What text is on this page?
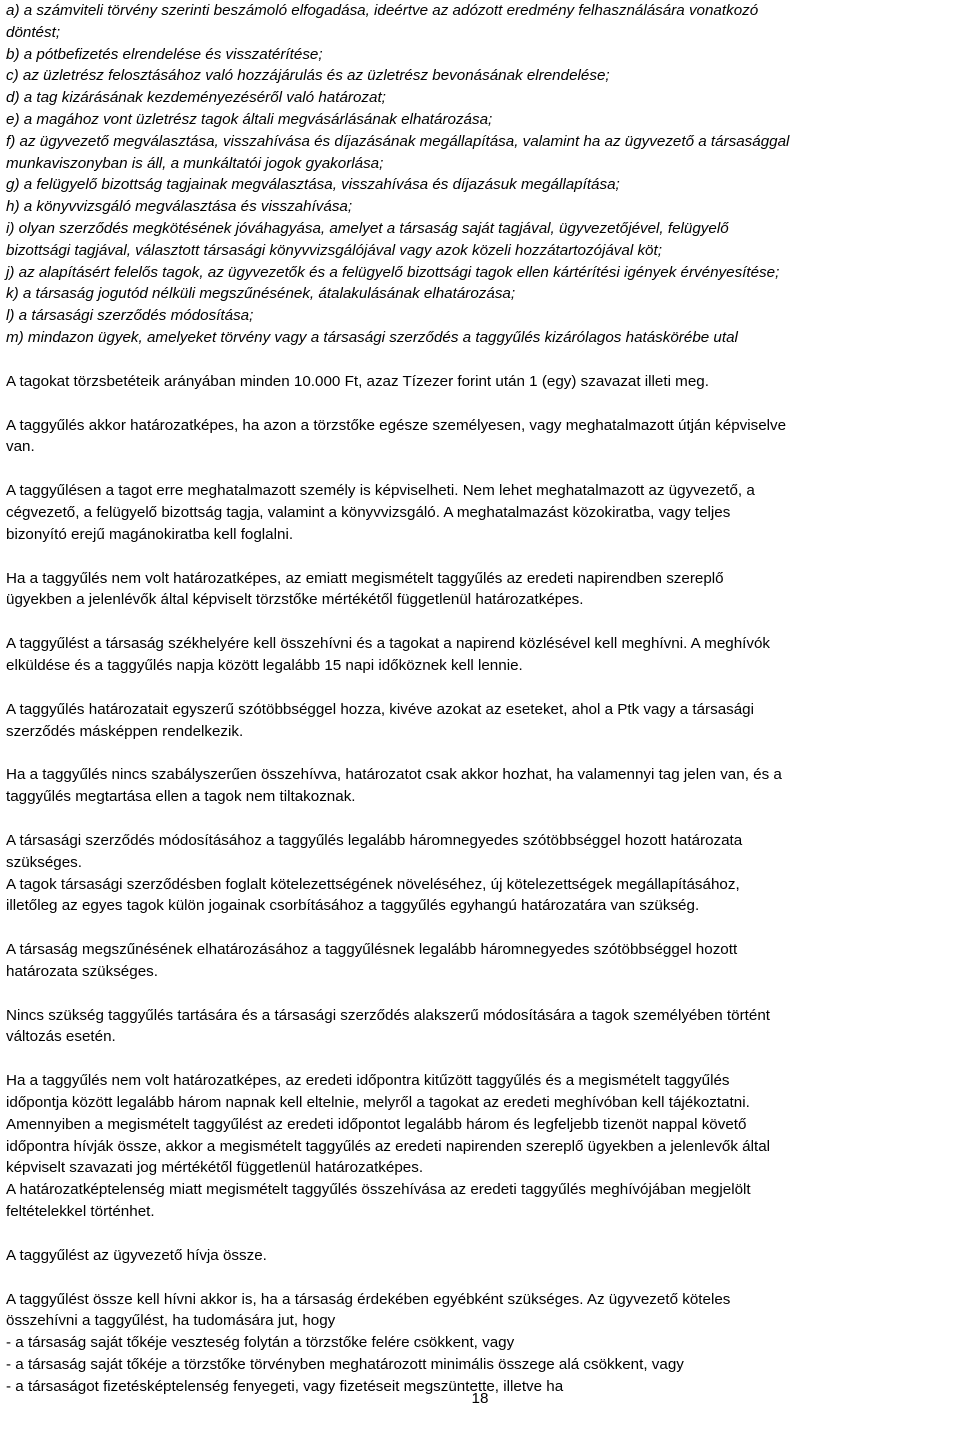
a) a számviteli törvény szerinti beszámoló elfogadása, ideértve az adózott eredmény felhasználására vonatkozó
döntést;
b) a pótbefizetés elrendelése és visszatérítése;
c) az üzletrész felosztásához való hozzájárulás és az üzletrész bevonásának elrendelése;
d) a tag kizárásának kezdeményezéséről való határozat;
e) a magához vont üzletrész tagok általi megvásárlásának elhatározása;
f) az ügyvezető megválasztása, visszahívása és díjazásának megállapítása, valamint ha az ügyvezető a társasággal
munkaviszonyban is áll, a munkáltatói jogok gyakorlása;
g) a felügyelő bizottság tagjainak megválasztása, visszahívása és díjazásuk megállapítása;
h) a könyvvizsgáló megválasztása és visszahívása;
i) olyan szerződés megkötésének jóváhagyása, amelyet a társaság saját tagjával, ügyvezetőjével, felügyelő
bizottsági tagjával, választott társasági könyvvizsgálójával vagy azok közeli hozzátartozójával köt;
j) az alapításért felelős tagok, az ügyvezetők és a felügyelő bizottsági tagok ellen kártérítési igények érvényesítése;
k) a társaság jogutód nélküli megszűnésének, átalakulásának elhatározása;
l) a társasági szerződés módosítása;
m) mindazon ügyek, amelyeket törvény vagy a társasági szerződés a taggyűlés kizárólagos hatáskörébe utal
A tagokat törzsbetéteik arányában minden 10.000 Ft, azaz Tízezer forint után 1 (egy) szavazat illeti meg.
A taggyűlés akkor határozatképes, ha azon a törzstőke egésze személyesen, vagy meghatalmazott útján képviselve
van.
A taggyűlésen a tagot erre meghatalmazott személy is képviselheti. Nem lehet meghatalmazott az ügyvezető, a
cégvezető, a felügyelő bizottság tagja, valamint a könyvvizsgáló. A meghatalmazást közokiratba, vagy teljes
bizonyító erejű magánokiratba kell foglalni.
Ha a taggyűlés nem volt határozatképes, az emiatt megismételt taggyűlés az eredeti napirendben szereplő
ügyekben a jelenlévők által képviselt törzstőke mértékétől függetlenül határozatképes.
A taggyűlést a társaság székhelyére kell összehívni és a tagokat a napirend közlésével kell meghívni. A meghívók
elküldése és a taggyűlés napja között legalább 15 napi időköznek kell lennie.
A taggyűlés határozatait egyszerű szótöbbséggel hozza, kivéve azokat az eseteket, ahol a Ptk vagy a társasági
szerződés másképpen rendelkezik.
Ha a taggyűlés nincs szabályszerűen összehívva, határozatot csak akkor hozhat, ha valamennyi tag jelen van, és a
taggyűlés megtartása ellen a tagok nem tiltakoznak.
A társasági szerződés módosításához a taggyűlés legalább háromnegyedes szótöbbséggel hozott határozata
szükséges.
A tagok társasági szerződésben foglalt kötelezettségének növeléséhez, új kötelezettségek megállapításához,
illetőleg az egyes tagok külön jogainak csorbításához a taggyűlés egyhangú határozatára van szükség.
A társaság megszűnésének elhatározásához a taggyűlésnek legalább háromnegyedes szótöbbséggel hozott
határozata szükséges.
Nincs szükség taggyűlés tartására és a társasági szerződés alakszerű módosítására a tagok személyében történt
változás esetén.
Ha a taggyűlés nem volt határozatképes, az eredeti időpontra kitűzött taggyűlés és a megismételt taggyűlés
időpontja között legalább három napnak kell eltelnie, melyről a tagokat az eredeti meghívóban kell tájékoztatni.
Amennyiben a megismételt taggyűlést az eredeti időpontot legalább három és legfeljebb tizenöt nappal követő
időpontra hívják össze, akkor a megismételt taggyűlés az eredeti napirenden szereplő ügyekben a jelenlevők által
képviselt szavazati jog mértékétől függetlenül határozatképes.
A határozatképtelenség miatt megismételt taggyűlés összehívása az eredeti taggyűlés meghívójában megjelölt
feltételekkel történhet.
A taggyűlést az ügyvezető hívja össze.
A taggyűlést össze kell hívni akkor is, ha a társaság érdekében egyébként szükséges. Az ügyvezető köteles
összehívni a taggyűlést, ha tudomására jut, hogy
- a társaság saját tőkéje veszteség folytán a törzstőke felére csökkent, vagy
- a társaság saját tőkéje a törzstőke törvényben meghatározott minimális összege alá csökkent, vagy
- a társaságot fizetésképtelenség fenyegeti, vagy fizetéseit megszüntette, illetve ha
18
